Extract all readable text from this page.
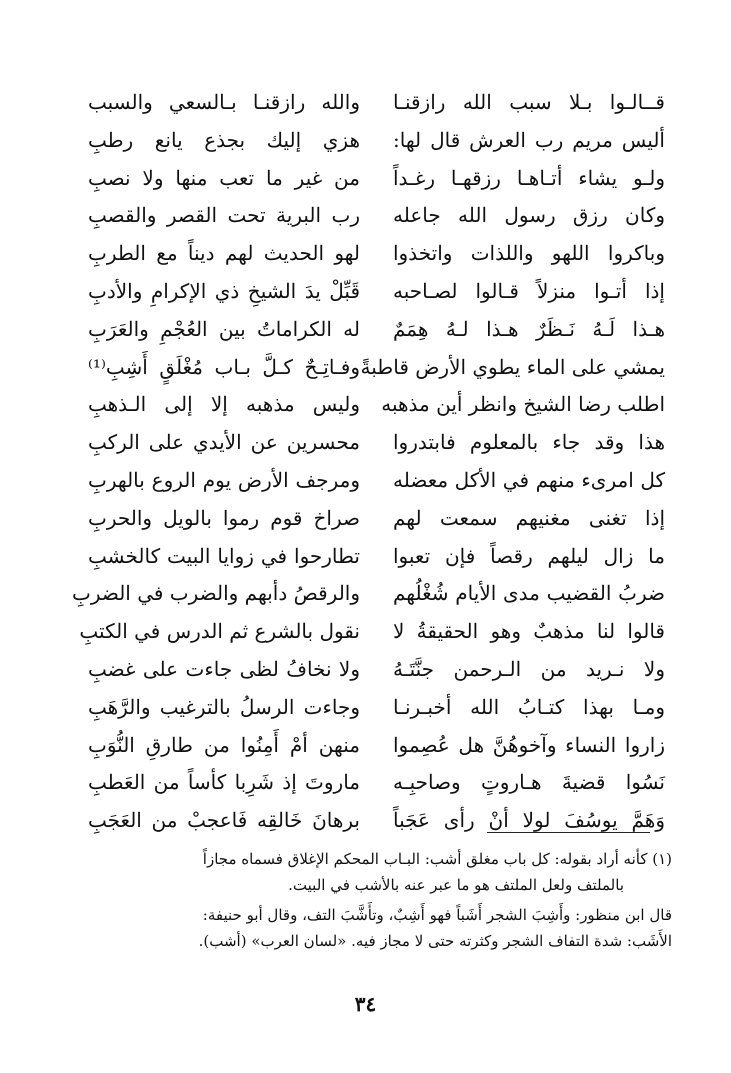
قــالـوا بـلا سبب الله رازقنـا
أليس مريم رب العرش قال لها:
ولـو يشاء أتـاهـا رزقهـا رغـداً
وكان رزق رسول الله جاعله
وباكروا اللهو واللذات واتخذوا
إذا أتـوا منزلاً قـالوا لصـاحبه
هـذا لَـهُ نَـظَرٌ هـذا لـهُ هِمَمٌ
يمشي على الماء يطوي الأرض قاطبةً
اطلب رضا الشيخ وانظر أين مذهبه
هذا وقد جاء بالمعلوم فابتدروا
كل امرىء منهم في الأكل معضله
إذا تغنى مغنيهم سمعت لهم
ما زال ليلهم رقصاً فإن تعبوا
ضربُ القضيب مدى الأيام شُغْلُهم
قالوا لنا مذهبٌ وهو الحقيقةُ لا
ولا نـريد من الـرحمن جنَّتَـهُ
ومـا بهذا كتـابُ الله أخبـرنـا
زاروا النساء وآخوهُنَّ هل عُصِموا
نَسُوا قضيةَ هـاروتٍ وصاحبِـه
وَهَمَّ يوسُفَ لولا أنْ رأى عَجَباً
والله رازقنـا بـالسعي والسبب
هزي إليك بجذع يانع رطبِ
من غير ما تعب منها ولا نصبِ
رب البرية تحت القصر والقصبِ
لهو الحديث لهم ديناً مع الطربِ
قَبِّلْ يدَ الشيخِ ذي الإكرامِ والأدبِ
له الكراماتُ بين العُجْمِ والعَرَبِ
وفـاتِـحٌ كـلَّ بـاب مُغْلَقٍ أَشِبِ⁽¹⁾
وليس مذهبه إلا إلى الـذهبِ
محسرين عن الأيدي على الركبِ
ومرجف الأرض يوم الروع بالهربِ
صراخ قوم رموا بالويل والحربِ
تطارحوا في زوايا البيت كالخشبِ
والرقصُ دأبهم والضرب في الضربِ
نقول بالشرع ثم الدرس في الكتبِ
ولا نخافُ لظى جاءت على غضبِ
وجاءت الرسلُ بالترغيب والرَّهَبِ
منهن أمْ أَمِنُوا من طارقِ النُّوَبِ
ماروتَ إذ شَرِبا كأساً من العَطبِ
برهانَ خَالقِه فَاعجبْ من العَجَبِ
(١) كأنه أراد بقوله: كل باب مغلق أشب: البـاب المحكم الإغلاق فسماه مجازاً
بالملتف ولعل الملتف هو ما عبر عنه بالأشب في البيت.
قال ابن منظور: وأَشِبَ الشجر أَشَباً فهو أَشِبٌ، وتأَشَّبَ التف، وقال أبو حنيفة:
الأَشَب: شدة التفاف الشجر وكثرته حتى لا مجاز فيه. «لسان العرب» (أشب).
٣٤
